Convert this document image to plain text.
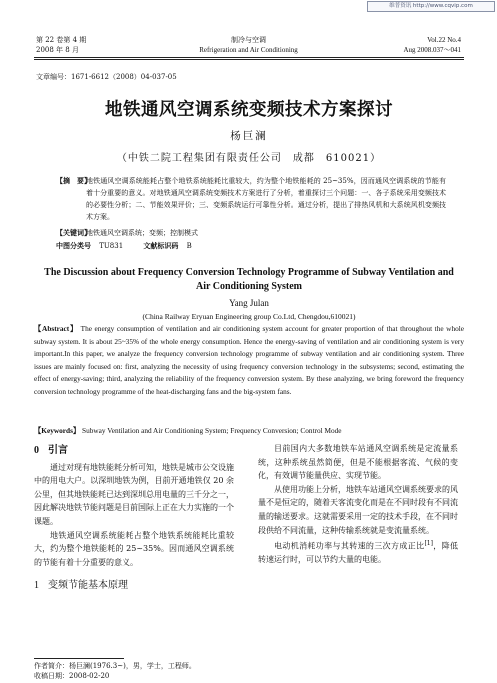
维普资讯 http://www.cqvip.com
第 22 卷第 4 期
2008 年 8 月
制冷与空调
Refrigeration and Air Conditioning
Vol.22 No.4
Aug 2008.037～041
文章编号：1671-6612（2008）04-037-05
地铁通风空调系统变频技术方案探讨
杨巨澜
（中铁二院工程集团有限责任公司　成都　610021）
【摘　要】
地铁通风空调系统能耗占整个地铁系统能耗比重较大，约为整个地铁能耗的 25~35%，因而通风空调系统的节能有着十分重要的意义。对地铁通风空调系统变频技术方案进行了分析，着重探讨三个问题：一、各子系统采用变频技术的必要性分析；二、节能效果评价；三、变频系统运行可靠性分析。通过分析，提出了排热风机和大系统风机变频技术方案。
【关键词】地铁通风空调系统；变频；控制模式
中图分类号 TU831	文献标识码 B
The Discussion about Frequency Conversion Technology Programme of Subway Ventilation and Air Conditioning System
Yang Julan
(China Railway Eryuan Engineering group Co.Ltd, Chengdou,610021)
【Abstract】 The energy consumption of ventilation and air conditioning system account for greater proportion of that throughout the whole subway system. It is about 25~35% of the whole energy consumption. Hence the energy-saving of ventilation and air conditioning system is very important.In this paper, we analyze the frequency conversion technology programme of subway ventilation and air conditioning system. Three issues are mainly focused on: first, analyzing the necessity of using frequency conversion technology in the subsystems; second, estimating the effect of energy-saving; third, analyzing the reliability of the frequency conversion system. By these analyzing, we bring foreword the frequency conversion technology programme of the heat-discharging fans and the big-system fans.
【Keywords】 Subway Ventilation and Air Conditioning System; Frequency Conversion; Control Mode
0 引言

通过对现有地铁能耗分析可知，地铁是城市公交设施中的用电大户。以深圳地铁为例，目前开通地铁仅 20 余公里，但其地铁能耗已达到深圳总用电量的三千分之一，因此解决地铁节能问题是目前国际上正在大力实施的一个课题。

地铁通风空调系统能耗占整个地铁系统能耗比重较大，约为整个地铁能耗的 25~35%。因而通风空调系统的节能有着十分重要的意义。

1 变频节能基本原理

目前国内大多数地铁车站通风空调系统是定流量系统，这种系统虽然简便，但是不能根据客流、气候的变化，有效调节能量供应、实现节能。

从使用功能上分析，地铁车站通风空调系统要求的风量不是恒定的，随着天客流变化而是在不同时段有不同流量的输送要求。这就需要采用一定的技术手段，在不同时段供给不同流量，这种传输系统就是变流量系统。

电动机消耗功率与其转速的三次方成正比[1]，降低转速运行时，可以节约大量的电能。

作者简介：杨巨澜(1976.3~)，男，学士，工程师。
收稿日期：2008-02-20
